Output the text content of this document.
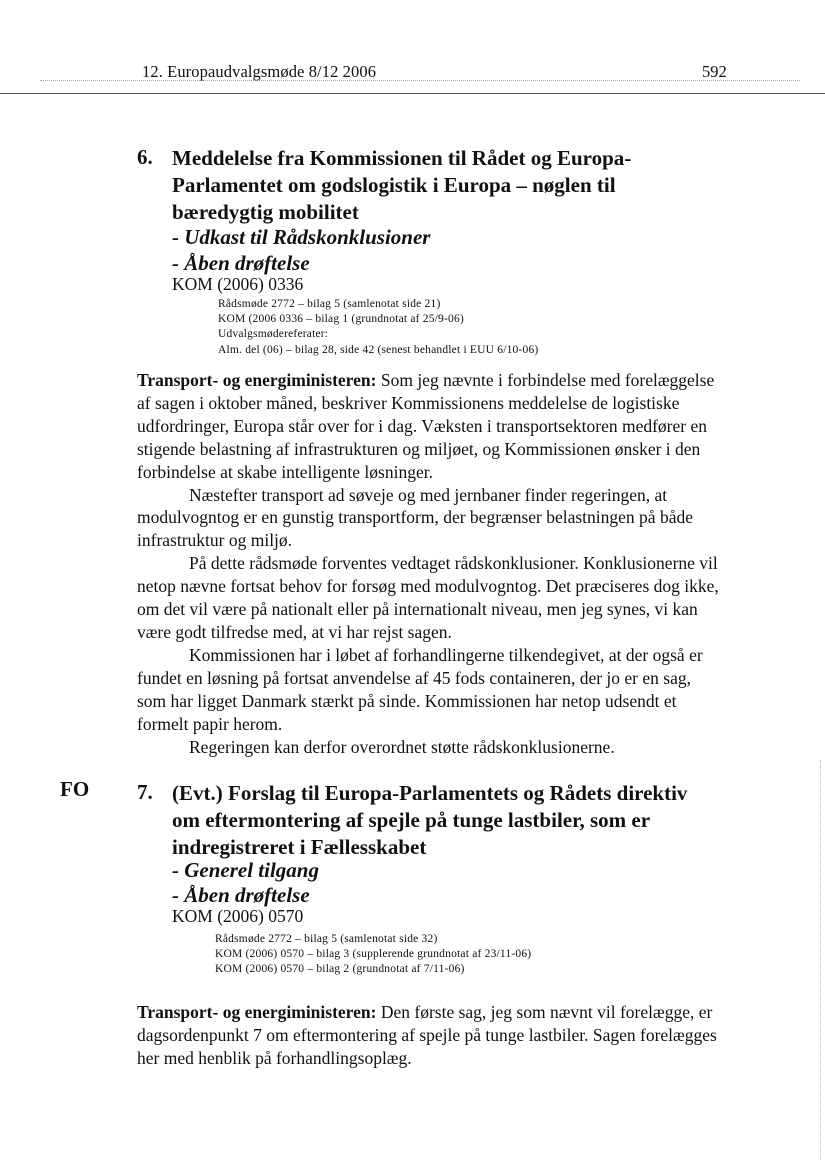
12. Europaudvalgsmøde 8/12 2006	592
6. Meddelelse fra Kommissionen til Rådet og Europa-
Parlamentet om godslogistik i Europa – nøglen til
bæredygtig mobilitet
- Udkast til Rådskonklusioner
- Åben drøftelse
KOM (2006) 0336
Rådsmøde 2772 – bilag 5 (samlenotat side 21)
KOM (2006 0336 – bilag 1 (grundnotat af 25/9-06)
Udvalgsmødereferater:
Alm. del (06) – bilag 28, side 42 (senest behandlet i EUU 6/10-06)

Transport- og energiministeren: Som jeg nævnte i forbindelse med forelæggelse af sagen i oktober måned, beskriver Kommissionens meddelelse de logistiske udfordringer, Europa står over for i dag. Væksten i transportsektoren medfører en stigende belastning af infrastrukturen og miljøet, og Kommissionen ønsker i den forbindelse at skabe intelligente løsninger.

Næstefter transport ad søveje og med jernbaner finder regeringen, at modulvogntog er en gunstig transportform, der begrænser belastningen på både infrastruktur og miljø.

På dette rådsmøde forventes vedtaget rådskonklusioner. Konklusionerne vil netop nævne fortsat behov for forsøg med modulvogntog. Det præciseres dog ikke, om det vil være på nationalt eller på internationalt niveau, men jeg synes, vi kan være godt tilfredse med, at vi har rejst sagen.

Kommissionen har i løbet af forhandlingerne tilkendegivet, at der også er fundet en løsning på fortsat anvendelse af 45 fods containeren, der jo er en sag, som har ligget Danmark stærkt på sinde. Kommissionen har netop udsendt et formelt papir herom.

Regeringen kan derfor overordnet støtte rådskonklusionerne.

FO 7. (Evt.) Forslag til Europa-Parlamentets og Rådets direktiv
om eftermontering af spejle på tunge lastbiler, som er
indregistreret i Fællesskabet
- Generel tilgang
- Åben drøftelse
KOM (2006) 0570
Rådsmøde 2772 – bilag 5 (samlenotat side 32)
KOM (2006) 0570 – bilag 3 (supplerende grundnotat af 23/11-06)
KOM (2006) 0570 – bilag 2 (grundnotat af 7/11-06)

Transport- og energiministeren: Den første sag, jeg som nævnt vil forelægge, er dagsordenpunkt 7 om eftermontering af spejle på tunge lastbiler. Sagen forelægges her med henblik på forhandlingsoplæg.
